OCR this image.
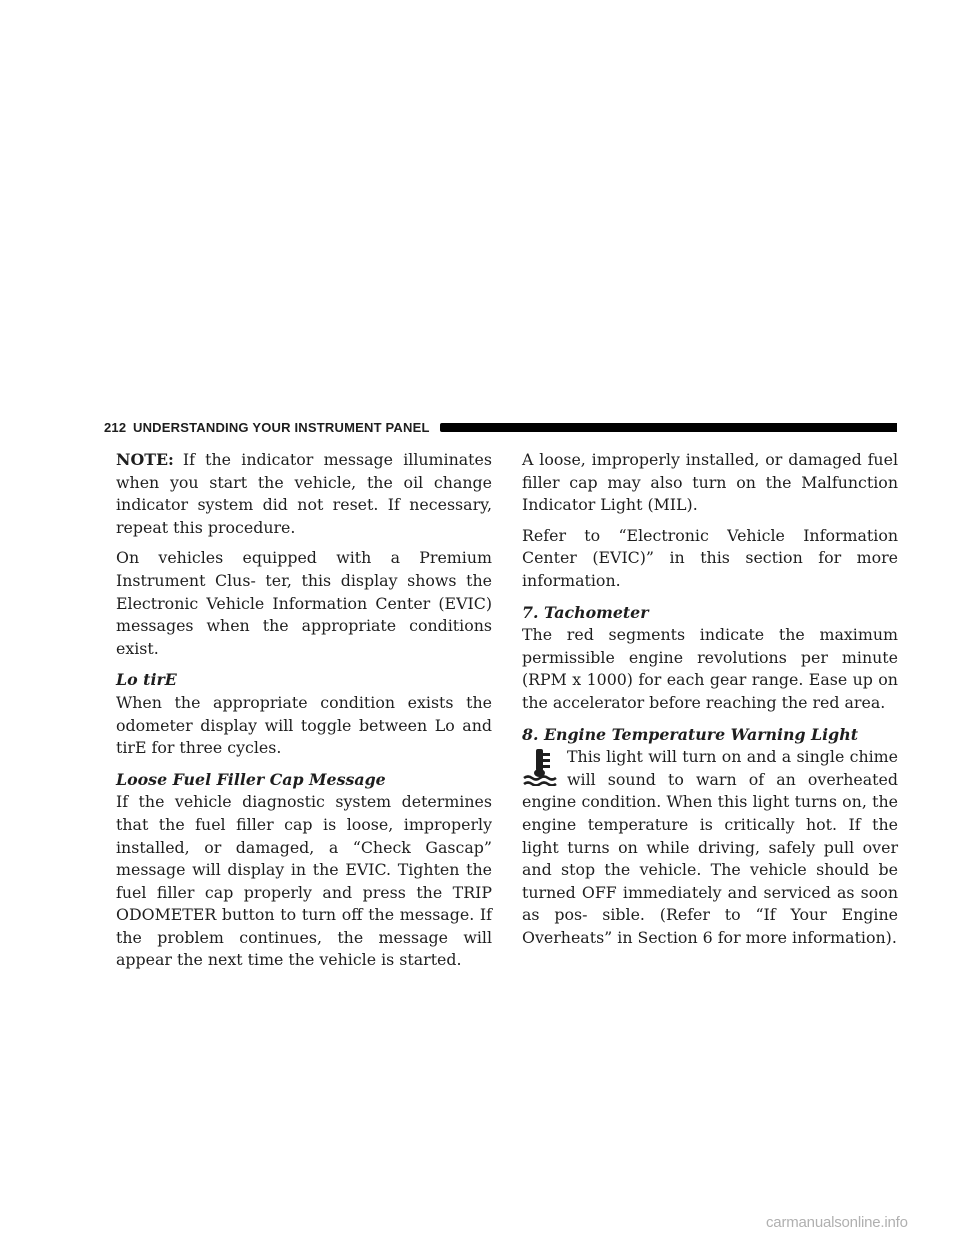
212 UNDERSTANDING YOUR INSTRUMENT PANEL

NOTE: If the indicator message illuminates when you start the vehicle, the oil change indicator system did not reset. If necessary, repeat this procedure.

On vehicles equipped with a Premium Instrument Clus- ter, this display shows the Electronic Vehicle Information Center (EVIC) messages when the appropriate conditions exist.

Lo tirE
When the appropriate condition exists the odometer display will toggle between Lo and tirE for three cycles.

Loose Fuel Filler Cap Message
If the vehicle diagnostic system determines that the fuel filler cap is loose, improperly installed, or damaged, a “Check Gascap” message will display in the EVIC. Tighten the fuel filler cap properly and press the TRIP ODOMETER button to turn off the message. If the problem continues, the message will appear the next time the vehicle is started.

A loose, improperly installed, or damaged fuel filler cap may also turn on the Malfunction Indicator Light (MIL).

Refer to “Electronic Vehicle Information Center (EVIC)” in this section for more information.

7. Tachometer
The red segments indicate the maximum permissible engine revolutions per minute (RPM x 1000) for each gear range. Ease up on the accelerator before reaching the red area.

8. Engine Temperature Warning Light
This light will turn on and a single chime will sound to warn of an overheated engine condition. When this light turns on, the engine temperature is critically hot. If the light turns on while driving, safely pull over and stop the vehicle. The vehicle should be turned OFF immediately and serviced as soon as pos- sible. (Refer to “If Your Engine Overheats” in Section 6 for more information).

carmanualsonline.info
